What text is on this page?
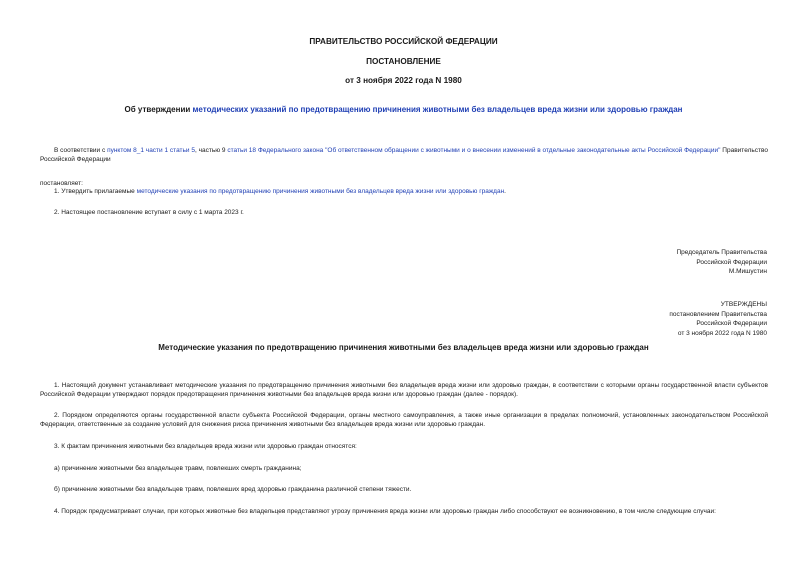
ПРАВИТЕЛЬСТВО РОССИЙСКОЙ ФЕДЕРАЦИИ
ПОСТАНОВЛЕНИЕ
от 3 ноября 2022 года N 1980
Об утверждении методических указаний по предотвращению причинения животными без владельцев вреда жизни или здоровью граждан
В соответствии с пунктом 8_1 части 1 статьи 5, частью 9 статьи 18 Федерального закона "Об ответственном обращении с животными и о внесении изменений в отдельные законодательные акты Российской Федерации" Правительство Российской Федерации
постановляет:
1. Утвердить прилагаемые методические указания по предотвращению причинения животными без владельцев вреда жизни или здоровью граждан.
2. Настоящее постановление вступает в силу с 1 марта 2023 г.
Председатель Правительства
Российской Федерации
М.Мишустин
УТВЕРЖДЕНЫ
постановлением Правительства
Российской Федерации
от 3 ноября 2022 года N 1980
Методические указания по предотвращению причинения животными без владельцев вреда жизни или здоровью граждан
1. Настоящий документ устанавливает методические указания по предотвращению причинения животными без владельцев вреда жизни или здоровью граждан, в соответствии с которыми органы государственной власти субъектов Российской Федерации утверждают порядок предотвращения причинения животными без владельцев вреда жизни или здоровью граждан (далее - порядок).
2. Порядком определяются органы государственной власти субъекта Российской Федерации, органы местного самоуправления, а также иные организации в пределах полномочий, установленных законодательством Российской Федерации, ответственные за создание условий для снижения риска причинения животными без владельцев вреда жизни или здоровью граждан.
3. К фактам причинения животными без владельцев вреда жизни или здоровью граждан относятся:
а) причинение животными без владельцев травм, повлекших смерть гражданина;
б) причинение животными без владельцев травм, повлекших вред здоровью гражданина различной степени тяжести.
4. Порядок предусматривает случаи, при которых животные без владельцев представляют угрозу причинения вреда жизни или здоровью граждан либо способствуют ее возникновению, в том числе следующие случаи:
